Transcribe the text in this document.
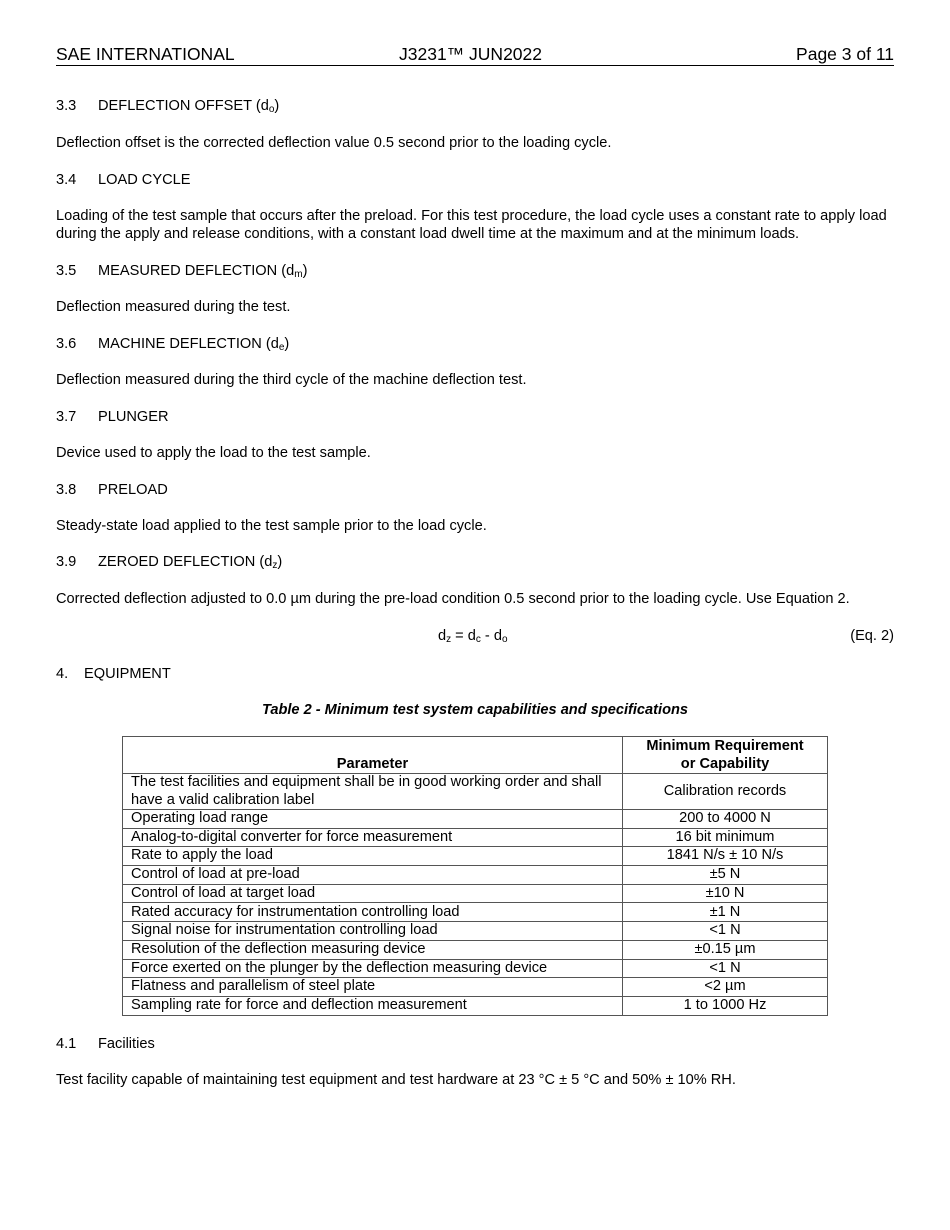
SAE INTERNATIONAL	J3231™ JUN2022	Page 3 of 11
3.3 DEFLECTION OFFSET $(d_o)$
Deflection offset is the corrected deflection value 0.5 second prior to the loading cycle.
3.4 LOAD CYCLE
Loading of the test sample that occurs after the preload. For this test procedure, the load cycle uses a constant rate to apply load during the apply and release conditions, with a constant load dwell time at the maximum and at the minimum loads.
3.5 MEASURED DEFLECTION $(d_m)$
Deflection measured during the test.
3.6 MACHINE DEFLECTION $(d_e)$
Deflection measured during the third cycle of the machine deflection test.
3.7 PLUNGER
Device used to apply the load to the test sample.
3.8 PRELOAD
Steady-state load applied to the test sample prior to the load cycle.
3.9 ZEROED DEFLECTION $(d_z)$
Corrected deflection adjusted to 0.0 µm during the pre-load condition 0.5 second prior to the loading cycle. Use Equation 2.
$d_z = d_c - d_o$	(Eq. 2)
4. EQUIPMENT
Table 2 - Minimum test system capabilities and specifications
Parameter	Minimum Requirement
or Capability

The test facilities and equipment shall be in good working order and shall have a valid calibration label	Calibration records
Operating load range	200 to 4000 N
Analog-to-digital converter for force measurement	16 bit minimum
Rate to apply the load	1841 N/s ± 10 N/s
Control of load at pre-load	±5 N
Control of load at target load	±10 N
Rated accuracy for instrumentation controlling load	±1 N
Signal noise for instrumentation controlling load	<1 N
Resolution of the deflection measuring device	±0.15 µm
Force exerted on the plunger by the deflection measuring device	<1 N
Flatness and parallelism of steel plate	<2 µm
Sampling rate for force and deflection measurement	1 to 1000 Hz
4.1 Facilities
Test facility capable of maintaining test equipment and test hardware at 23 °C ± 5 °C and 50% ± 10% RH.
